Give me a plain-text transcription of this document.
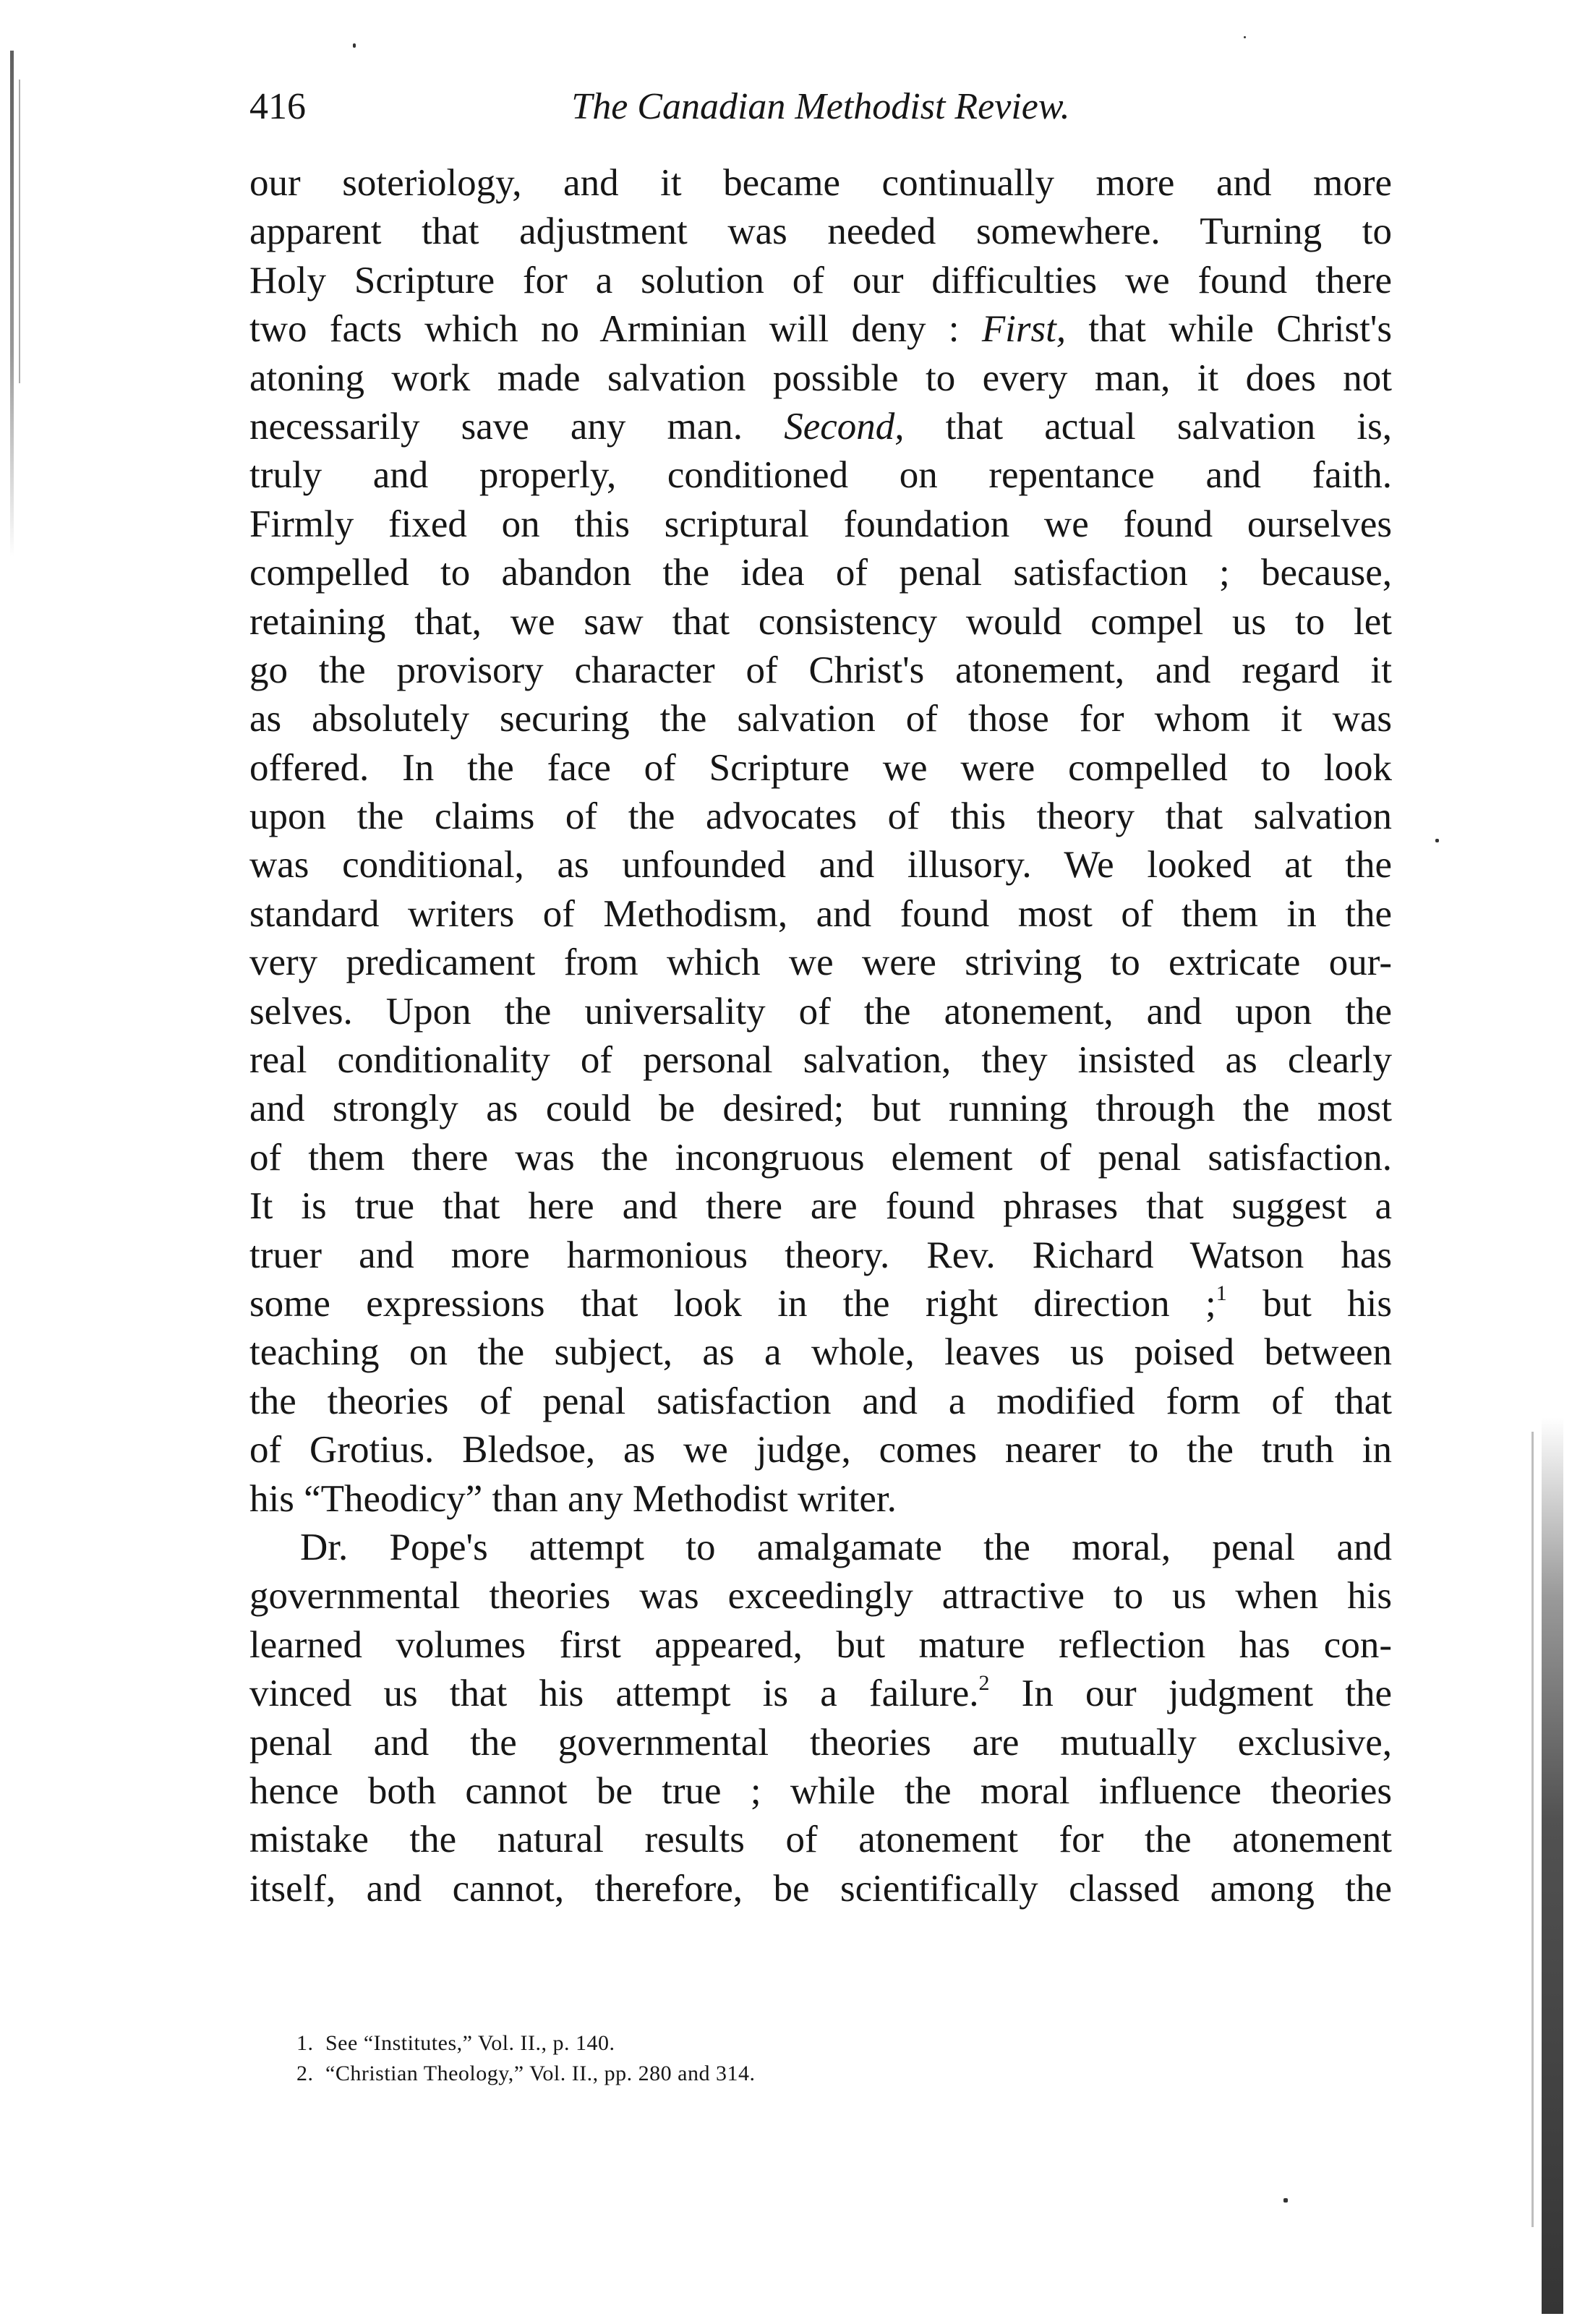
416	The Canadian Methodist Review.
our soteriology, and it became continually more and more
apparent that adjustment was needed somewhere. Turning to
Holy Scripture for a solution of our difficulties we found there
two facts which no Arminian will deny : First, that while Christ's
atoning work made salvation possible to every man, it does not
necessarily save any man. Second, that actual salvation is,
truly and properly, conditioned on repentance and faith.
Firmly fixed on this scriptural foundation we found ourselves
compelled to abandon the idea of penal satisfaction ; because,
retaining that, we saw that consistency would compel us to let
go the provisory character of Christ's atonement, and regard it
as absolutely securing the salvation of those for whom it was
offered. In the face of Scripture we were compelled to look
upon the claims of the advocates of this theory that salvation
was conditional, as unfounded and illusory. We looked at the
standard writers of Methodism, and found most of them in the
very predicament from which we were striving to extricate our-
selves. Upon the universality of the atonement, and upon the
real conditionality of personal salvation, they insisted as clearly
and strongly as could be desired; but running through the most
of them there was the incongruous element of penal satisfaction.
It is true that here and there are found phrases that suggest a
truer and more harmonious theory. Rev. Richard Watson has
some expressions that look in the right direction ;$^1$ but his
teaching on the subject, as a whole, leaves us poised between
the theories of penal satisfaction and a modified form of that
of Grotius. Bledsoe, as we judge, comes nearer to the truth in
his “Theodicy” than any Methodist writer.
Dr. Pope's attempt to amalgamate the moral, penal and
governmental theories was exceedingly attractive to us when his
learned volumes first appeared, but mature reflection has con-
vinced us that his attempt is a failure.$^2$ In our judgment the
penal and the governmental theories are mutually exclusive,
hence both cannot be true ; while the moral influence theories
mistake the natural results of atonement for the atonement
itself, and cannot, therefore, be scientifically classed among the
1. See “Institutes,” Vol. II., p. 140.
2. “Christian Theology,” Vol. II., pp. 280 and 314.
